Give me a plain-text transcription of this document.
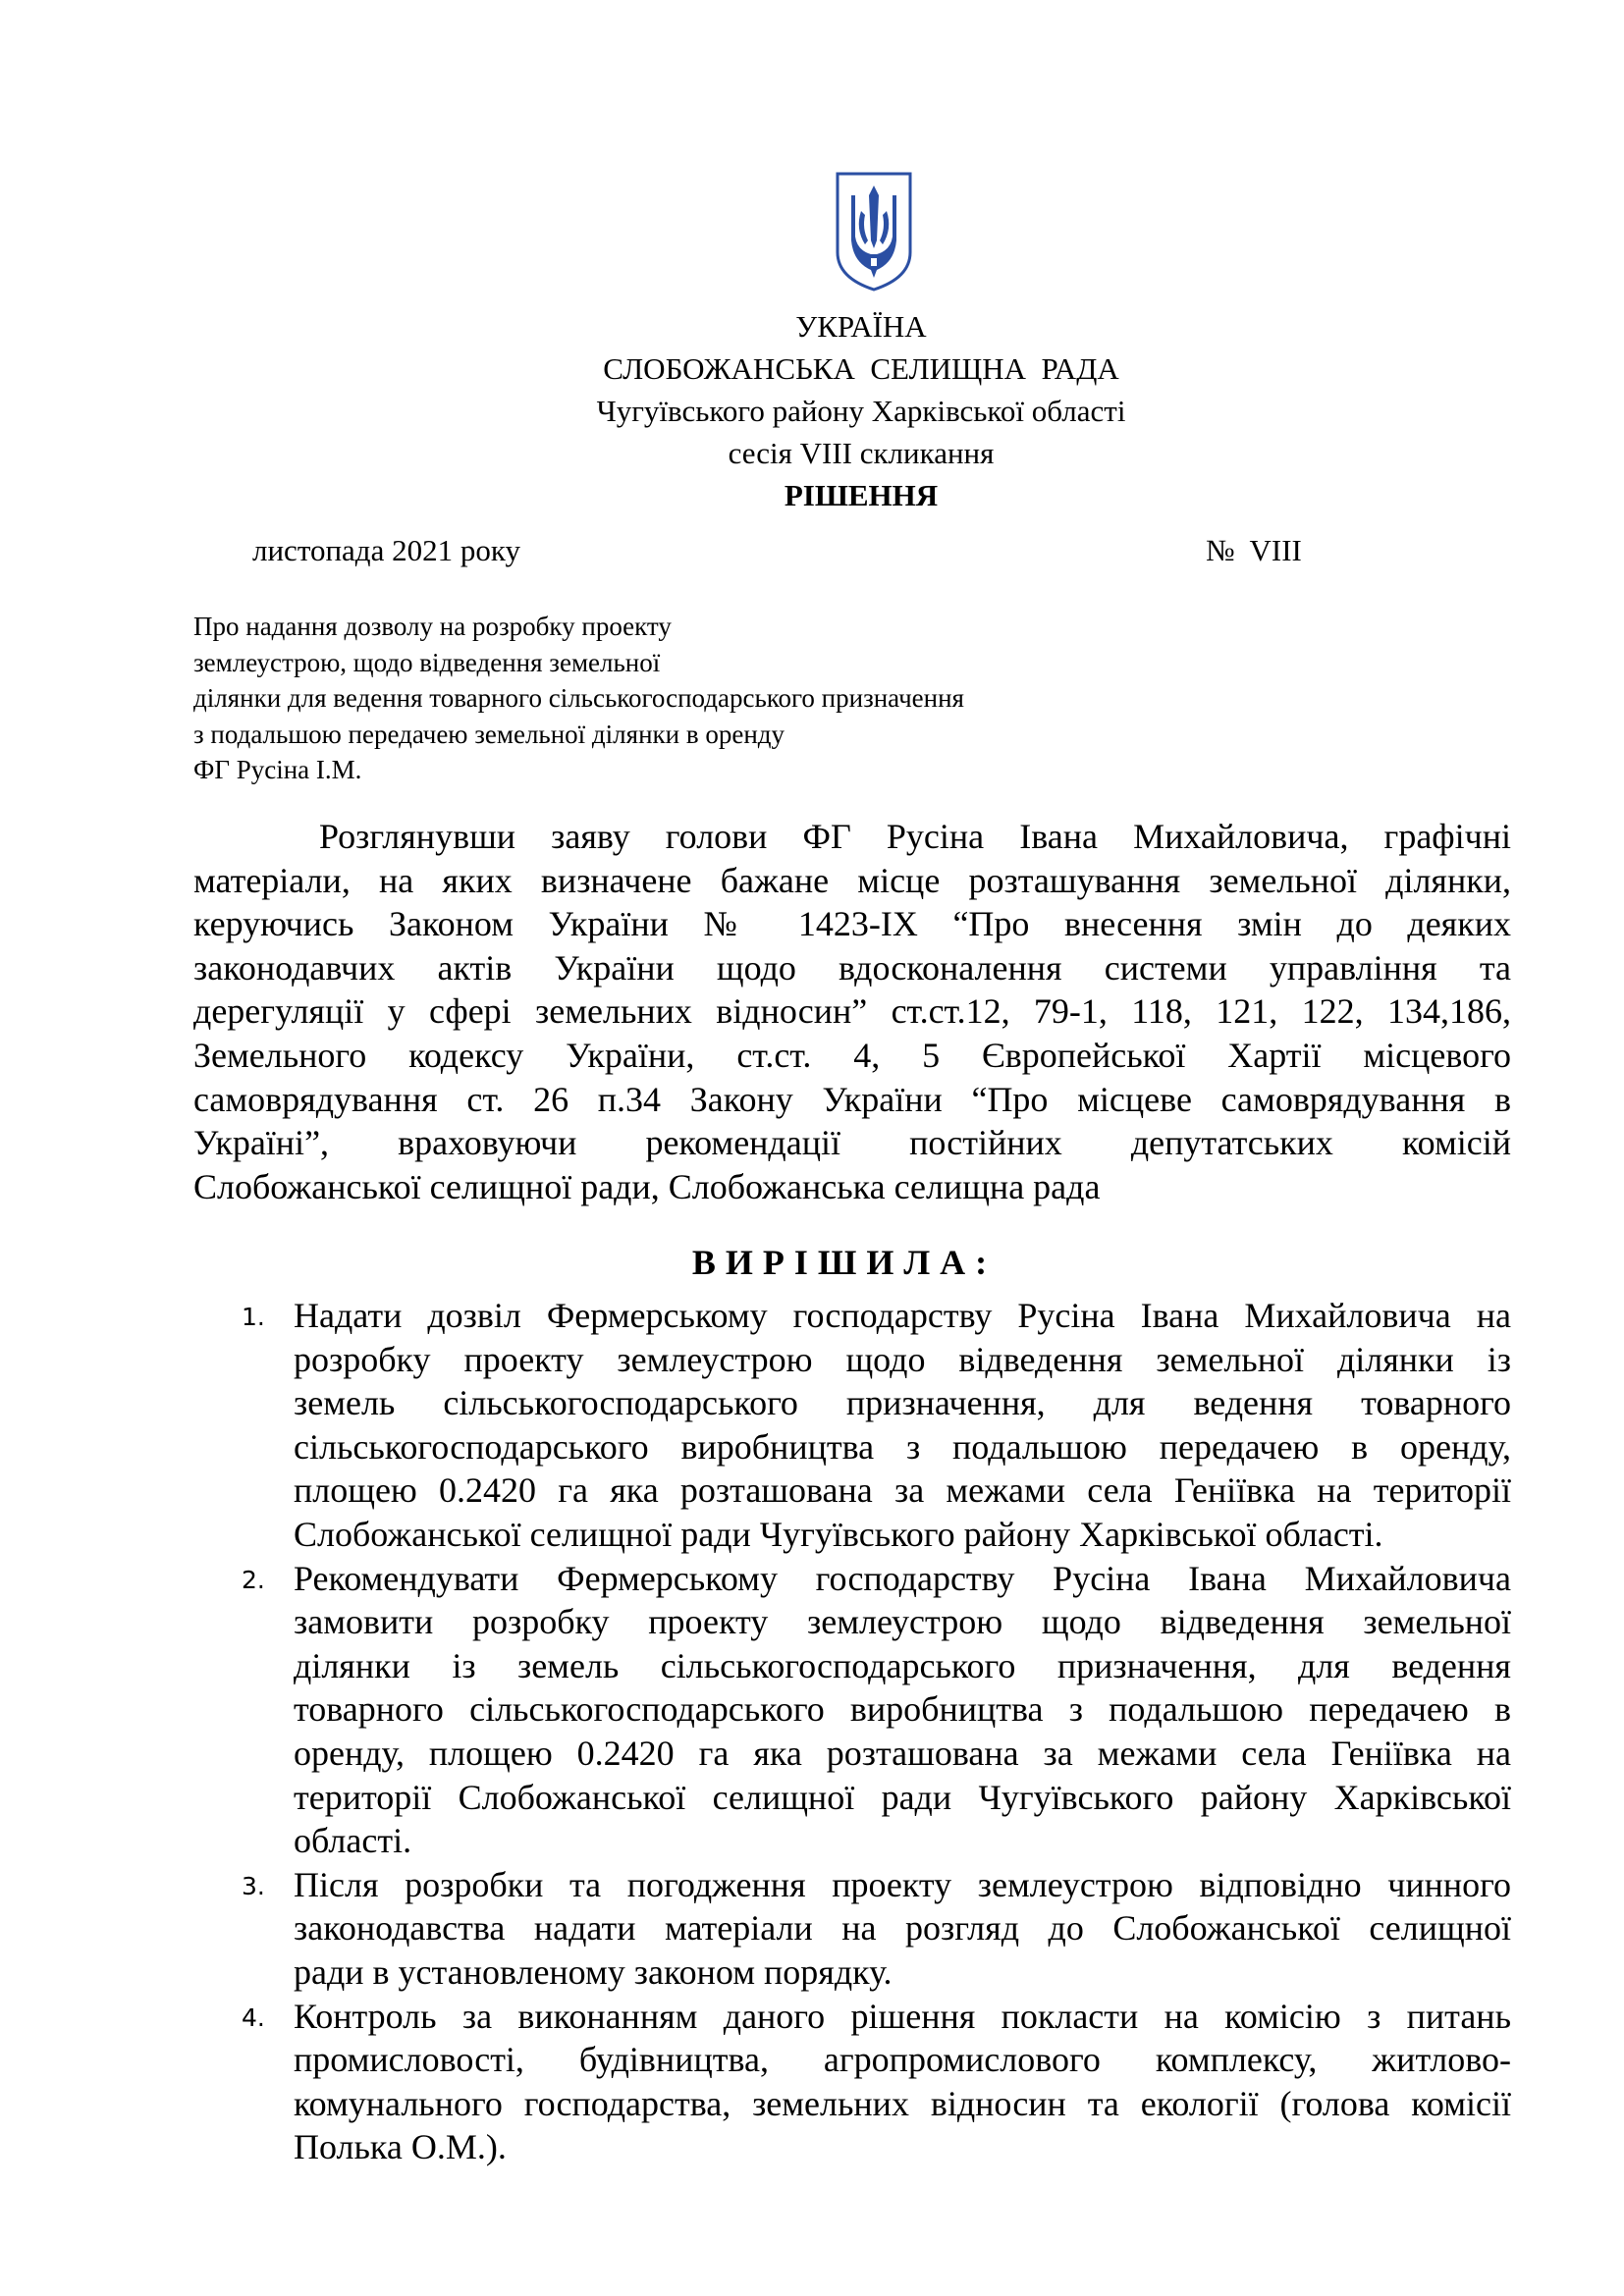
УКРАЇНА
СЛОБОЖАНСЬКА  СЕЛИЩНА  РАДА
Чугуївського району Харківської області
сесія VIII скликання
РІШЕННЯ
листопада 2021 року	№  VIII
Про надання дозволу на розробку проекту
землеустрою, щодо відведення земельної
ділянки для ведення товарного сільськогосподарського призначення
з подальшою передачею земельної ділянки в оренду
ФГ Русіна І.М.
Розглянувши заяву голови ФГ Русіна Івана Михайловича, графічні
матеріали, на яких визначене бажане місце розташування земельної ділянки,
керуючись Законом України № 1423-ІХ “Про внесення змін до деяких
законодавчих актів України щодо вдосконалення системи управління та
дерегуляції у сфері земельних відносин” ст.ст.12, 79-1, 118, 121, 122, 134,186,
Земельного кодексу України, ст.ст. 4, 5 Європейської Хартії місцевого
самоврядування ст. 26 п.34 Закону України “Про місцеве самоврядування в
Україні”, враховуючи рекомендації постійних депутатських комісій
Слобожанської селищної ради, Слобожанська селищна рада
ВИРІШИЛА:
1. Надати дозвіл Фермерському господарству Русіна Івана Михайловича на
розробку проекту землеустрою щодо відведення земельної ділянки із
земель сільськогосподарського призначення, для ведення товарного
сільськогосподарського виробництва з подальшою передачею в оренду,
площею 0.2420 га яка розташована за межами села Геніївка на території
Слобожанської селищної ради Чугуївського району Харківської області.
2. Рекомендувати Фермерському господарству Русіна Івана Михайловича
замовити розробку проекту землеустрою щодо відведення земельної
ділянки із земель сільськогосподарського призначення, для ведення
товарного сільськогосподарського виробництва з подальшою передачею в
оренду, площею 0.2420 га яка розташована за межами села Геніївка на
території Слобожанської селищної ради Чугуївського району Харківської
області.
3. Після розробки та погодження проекту землеустрою відповідно чинного
законодавства надати матеріали на розгляд до Слобожанської селищної
ради в установленому законом порядку.
4. Контроль за виконанням даного рішення покласти на комісію з питань
промисловості, будівництва, агропромислового комплексу, житлово-
комунального господарства, земельних відносин та екології (голова комісії
Полька О.М.).
